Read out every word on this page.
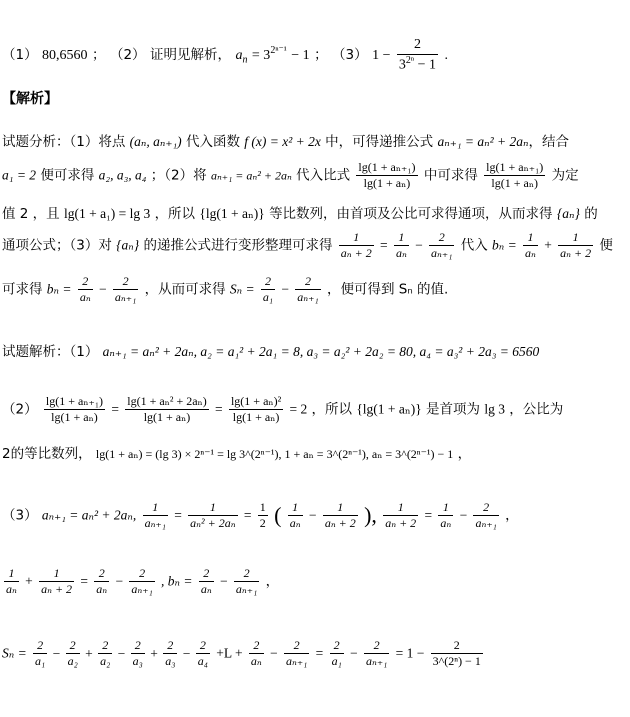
（1） 80,6560 ； （2） 证明见解析， $a_n = 3^{2^{n-1}} - 1$ ； （3） $1 - \frac{2}{3^{2^n} - 1}$ .
【解析】
试题分析：（1）将点 (aₙ, aₙ₊₁) 代入函数 f (x) = x² + 2x 中，可得递推公式 aₙ₊₁ = aₙ² + 2aₙ，结合
a₁ = 2 便可求得 a₂, a₃, a₄ ；（2）将 aₙ₊₁ = aₙ² + 2aₙ 代入比式 $\frac{\text{lg(1 + aₙ₊₁)}}{\text{lg(1 + aₙ)}}$ 中可求得 $\frac{\text{lg(1 + aₙ₊₁)}}{\text{lg(1 + aₙ)}}$ 为定
值 2 ，且 lg(1 + a₁) = lg 3 ，所以 {lg(1 + aₙ)} 等比数列，由首项及公比可求得通项，从而求得 {aₙ} 的
通项公式；（3）对 {aₙ} 的递推公式进行变形整理可求得 $\frac{1}{\text{aₙ + 2}} = \frac{1}{\text{aₙ}} - \frac{2}{\text{aₙ₊₁}}$ 代入 $b_n = \frac{1}{\text{aₙ}} + \frac{1}{\text{aₙ + 2}}$ 便
可求得 $b_n = \frac{2}{\text{aₙ}} - \frac{2}{\text{aₙ₊₁}}$ ，从而可求得 $S_n = \frac{2}{\text{a₁}} - \frac{2}{\text{aₙ₊₁}}$ ，便可得到 Sₙ 的值.
试题解析：（1） aₙ₊₁ = aₙ² + 2aₙ, a₂ = a₁² + 2a₁ = 8, a₃ = a₂² + 2a₂ = 80, a₄ = a₃² + 2a₃ = 6560
$(2) \frac{\text{lg(1 + aₙ₊₁)}}{\text{lg(1 + aₙ)}} = \frac{\text{lg(1 + aₙ² + 2aₙ)}}{\text{lg(1 + aₙ)}} = \frac{\text{lg(1 + aₙ)²}}{\text{lg(1 + aₙ)}} = 2$ ，所以 {lg(1 + aₙ)} 是首项为 lg 3 ，公比为
2的等比数列， lg(1 + aₙ) = (lg 3) × 2ⁿ⁻¹ = lg 3^(2ⁿ⁻¹), 1 + aₙ = 3^(2ⁿ⁻¹), aₙ = 3^(2ⁿ⁻¹) − 1 ，
（3） aₙ₊₁ = aₙ² + 2aₙ, $\frac{1}{\text{aₙ₊₁}} = \frac{1}{\text{aₙ² + 2aₙ}} = \frac{1}{2}$ ( $\frac{1}{\text{aₙ}} - \frac{1}{\text{aₙ + 2}}$ ), $\frac{1}{\text{aₙ + 2}} = \frac{1}{\text{aₙ}} - \frac{2}{\text{aₙ₊₁}}$ ，
$\frac{1}{\text{aₙ}} + \frac{1}{\text{aₙ + 2}} = \frac{2}{\text{aₙ}} - \frac{2}{\text{aₙ₊₁}}$ , $b_n = \frac{2}{\text{aₙ}} - \frac{2}{\text{aₙ₊₁}}$ ，
$S_n = \frac{2}{\text{a₁}} - \frac{2}{\text{a₂}} + \frac{2}{\text{a₂}} - \frac{2}{\text{a₃}} + \frac{2}{\text{a₃}} - \frac{2}{\text{a₄}} +L + \frac{2}{\text{aₙ}} - \frac{2}{\text{aₙ₊₁}} = \frac{2}{\text{a₁}} - \frac{2}{\text{aₙ₊₁}} = 1 - \frac{2}{\text{3\textasciicircum{}(2ⁿ) − 1}}$
